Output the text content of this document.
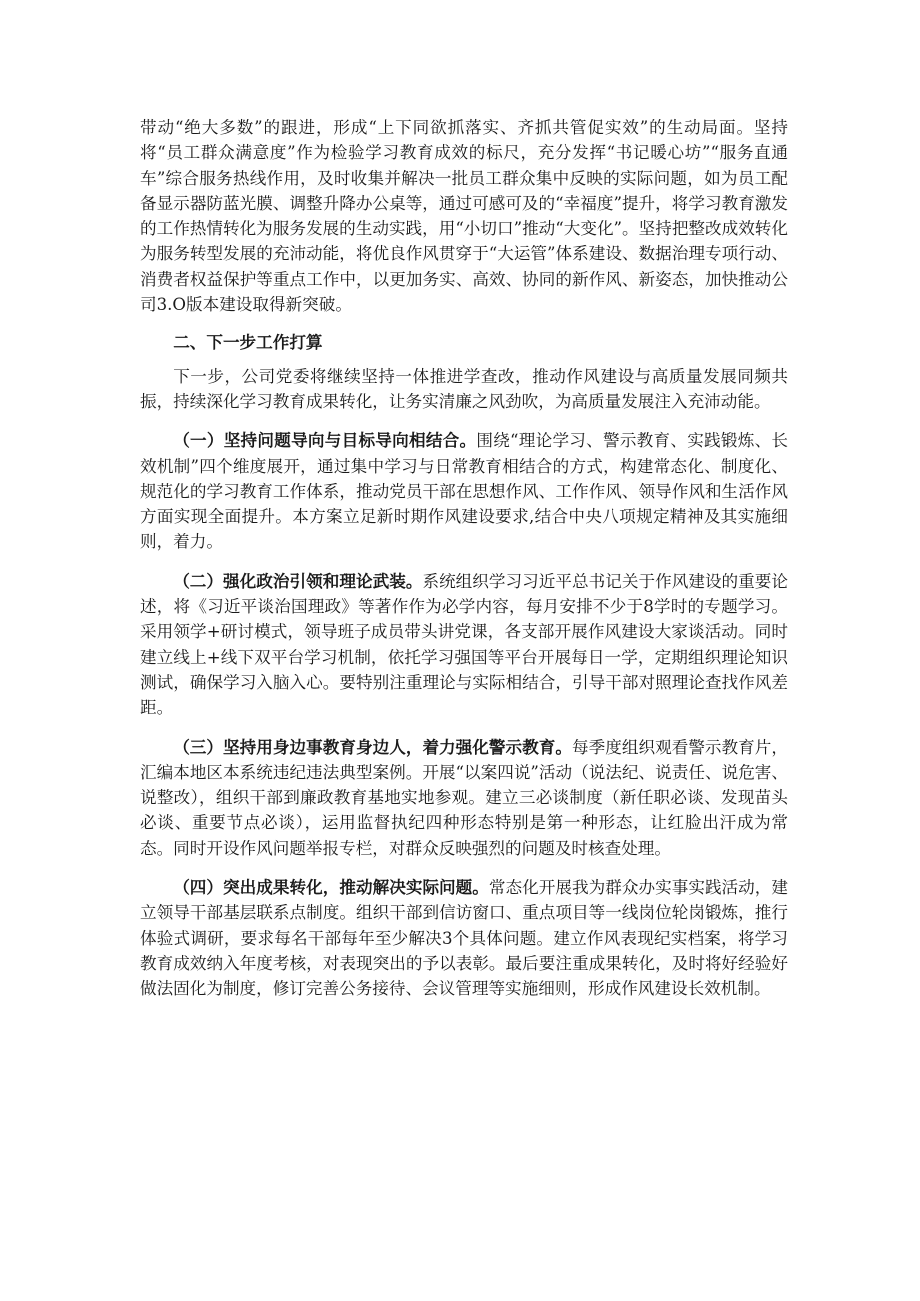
带动“绝大多数”的跟进，形成“上下同欲抓落实、齐抓共管促实效”的生动局面。坚持将“员工群众满意度”作为检验学习教育成效的标尺，充分发挥“书记暖心坊”“服务直通车”综合服务热线作用，及时收集并解决一批员工群众集中反映的实际问题，如为员工配备显示器防蓝光膜、调整升降办公桌等，通过可感可及的“幸福度”提升，将学习教育激发的工作热情转化为服务发展的生动实践，用“小切口”推动“大变化”。坚持把整改成效转化为服务转型发展的充沛动能，将优良作风贯穿于“大运管”体系建设、数据治理专项行动、消费者权益保护等重点工作中，以更加务实、高效、协同的新作风、新姿态，加快推动公司3.O版本建设取得新突破。

二、下一步工作打算

下一步，公司党委将继续坚持一体推进学查改，推动作风建设与高质量发展同频共振，持续深化学习教育成果转化，让务实清廉之风劲吹，为高质量发展注入充沛动能。

（一）坚持问题导向与目标导向相结合。围绕“理论学习、警示教育、实践锻炼、长效机制”四个维度展开，通过集中学习与日常教育相结合的方式，构建常态化、制度化、规范化的学习教育工作体系，推动党员干部在思想作风、工作作风、领导作风和生活作风方面实现全面提升。本方案立足新时期作风建设要求,结合中央八项规定精神及其实施细则，着力。

（二）强化政治引领和理论武装。系统组织学习习近平总书记关于作风建设的重要论述，将《习近平谈治国理政》等著作作为必学内容，每月安排不少于8学时的专题学习。采用领学+研讨模式，领导班子成员带头讲党课，各支部开展作风建设大家谈活动。同时建立线上+线下双平台学习机制，依托学习强国等平台开展每日一学，定期组织理论知识测试，确保学习入脑入心。要特别注重理论与实际相结合，引导干部对照理论查找作风差距。

（三）坚持用身边事教育身边人，着力强化警示教育。每季度组织观看警示教育片，汇编本地区本系统违纪违法典型案例。开展“以案四说”活动（说法纪、说责任、说危害、说整改），组织干部到廉政教育基地实地参观。建立三必谈制度（新任职必谈、发现苗头必谈、重要节点必谈），运用监督执纪四种形态特别是第一种形态，让红脸出汗成为常态。同时开设作风问题举报专栏，对群众反映强烈的问题及时核查处理。

（四）突出成果转化，推动解决实际问题。常态化开展我为群众办实事实践活动，建立领导干部基层联系点制度。组织干部到信访窗口、重点项目等一线岗位轮岗锻炼，推行体验式调研，要求每名干部每年至少解决3个具体问题。建立作风表现纪实档案，将学习教育成效纳入年度考核，对表现突出的予以表彰。最后要注重成果转化，及时将好经验好做法固化为制度，修订完善公务接待、会议管理等实施细则，形成作风建设长效机制。
